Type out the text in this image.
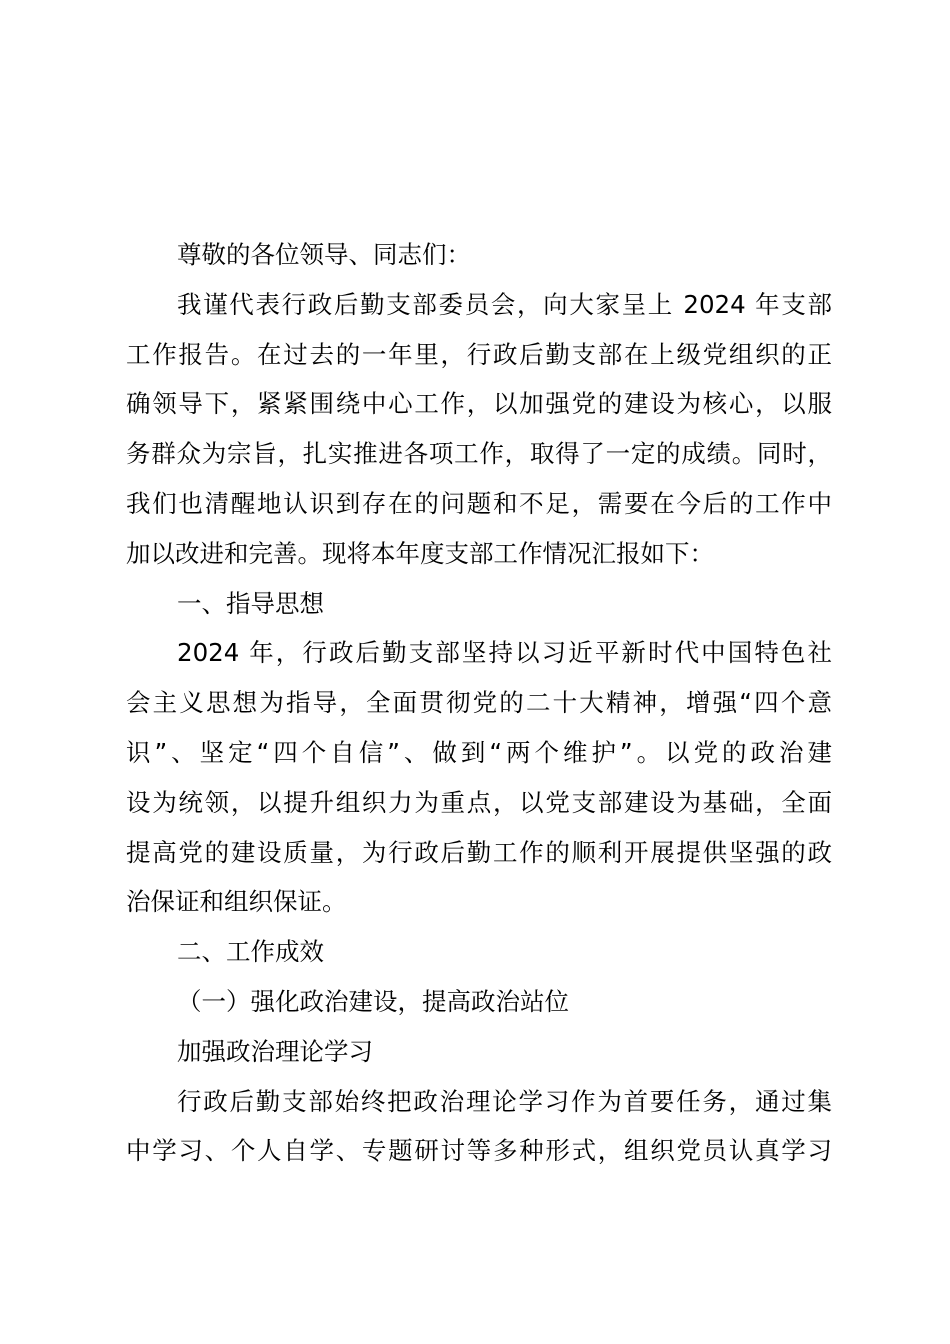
尊敬的各位领导、同志们：
我谨代表行政后勤支部委员会，向大家呈上 2024 年支部
工作报告。在过去的一年里，行政后勤支部在上级党组织的正
确领导下，紧紧围绕中心工作，以加强党的建设为核心，以服
务群众为宗旨，扎实推进各项工作，取得了一定的成绩。同时，
我们也清醒地认识到存在的问题和不足，需要在今后的工作中
加以改进和完善。现将本年度支部工作情况汇报如下：
一、指导思想
2024 年，行政后勤支部坚持以习近平新时代中国特色社
会主义思想为指导，全面贯彻党的二十大精神，增强“四个意
识”、坚定“四个自信”、做到“两个维护”。以党的政治建
设为统领，以提升组织力为重点，以党支部建设为基础，全面
提高党的建设质量，为行政后勤工作的顺利开展提供坚强的政
治保证和组织保证。
二、工作成效
（一）强化政治建设，提高政治站位
加强政治理论学习
行政后勤支部始终把政治理论学习作为首要任务，通过集
中学习、个人自学、专题研讨等多种形式，组织党员认真学习
